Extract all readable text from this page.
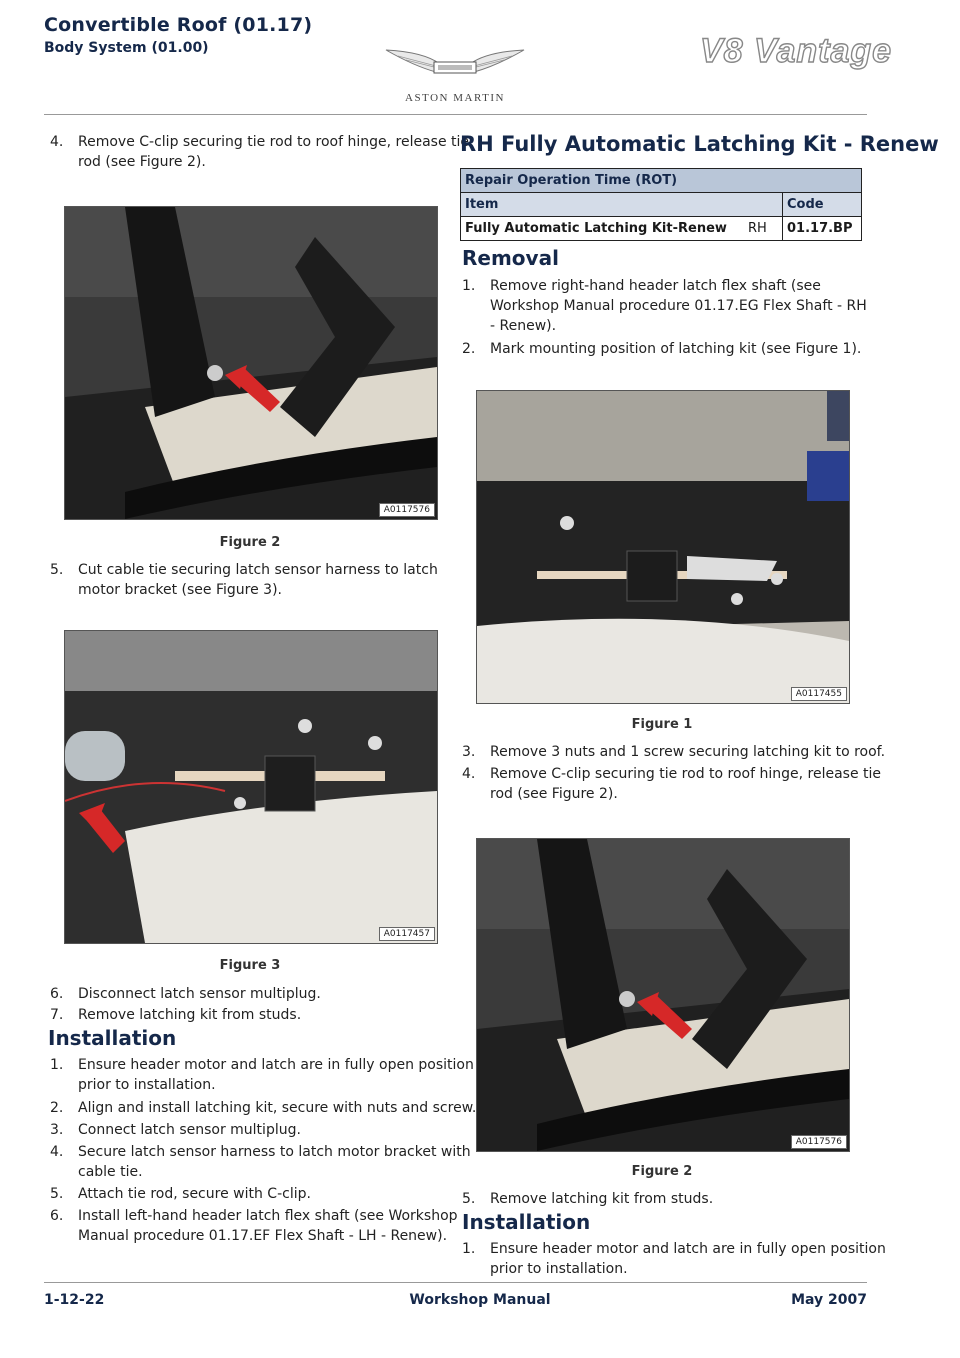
Convertible Roof (01.17)
Body System (01.00)
ASTON MARTIN
V8 Vantage
4. Remove C-clip securing tie rod to roof hinge, release tie
rod (see Figure 2).
A0117576
Figure 2
5. Cut cable tie securing latch sensor harness to latch
motor bracket (see Figure 3).
A0117457
Figure 3
6. Disconnect latch sensor multiplug.
7. Remove latching kit from studs.
Installation
1. Ensure header motor and latch are in fully open position
prior to installation.
2. Align and install latching kit, secure with nuts and screw.
3. Connect latch sensor multiplug.
4. Secure latch sensor harness to latch motor bracket with
cable tie.
5. Attach tie rod, secure with C-clip.
6. Install left-hand header latch flex shaft (see Workshop
Manual procedure 01.17.EF Flex Shaft - LH - Renew).
RH Fully Automatic Latching Kit - Renew
Repair Operation Time (ROT)		
Item		Code
Fully Automatic Latching Kit-Renew	RH	01.17.BP
Removal
1. Remove right-hand header latch flex shaft (see
Workshop Manual procedure 01.17.EG Flex Shaft - RH
- Renew).
2. Mark mounting position of latching kit (see Figure 1).
A0117455
Figure 1
3. Remove 3 nuts and 1 screw securing latching kit to roof.
4. Remove C-clip securing tie rod to roof hinge, release tie
rod (see Figure 2).
A0117576
Figure 2
5. Remove latching kit from studs.
Installation
1. Ensure header motor and latch are in fully open position
prior to installation.
1-12-22	Workshop Manual	May 2007
